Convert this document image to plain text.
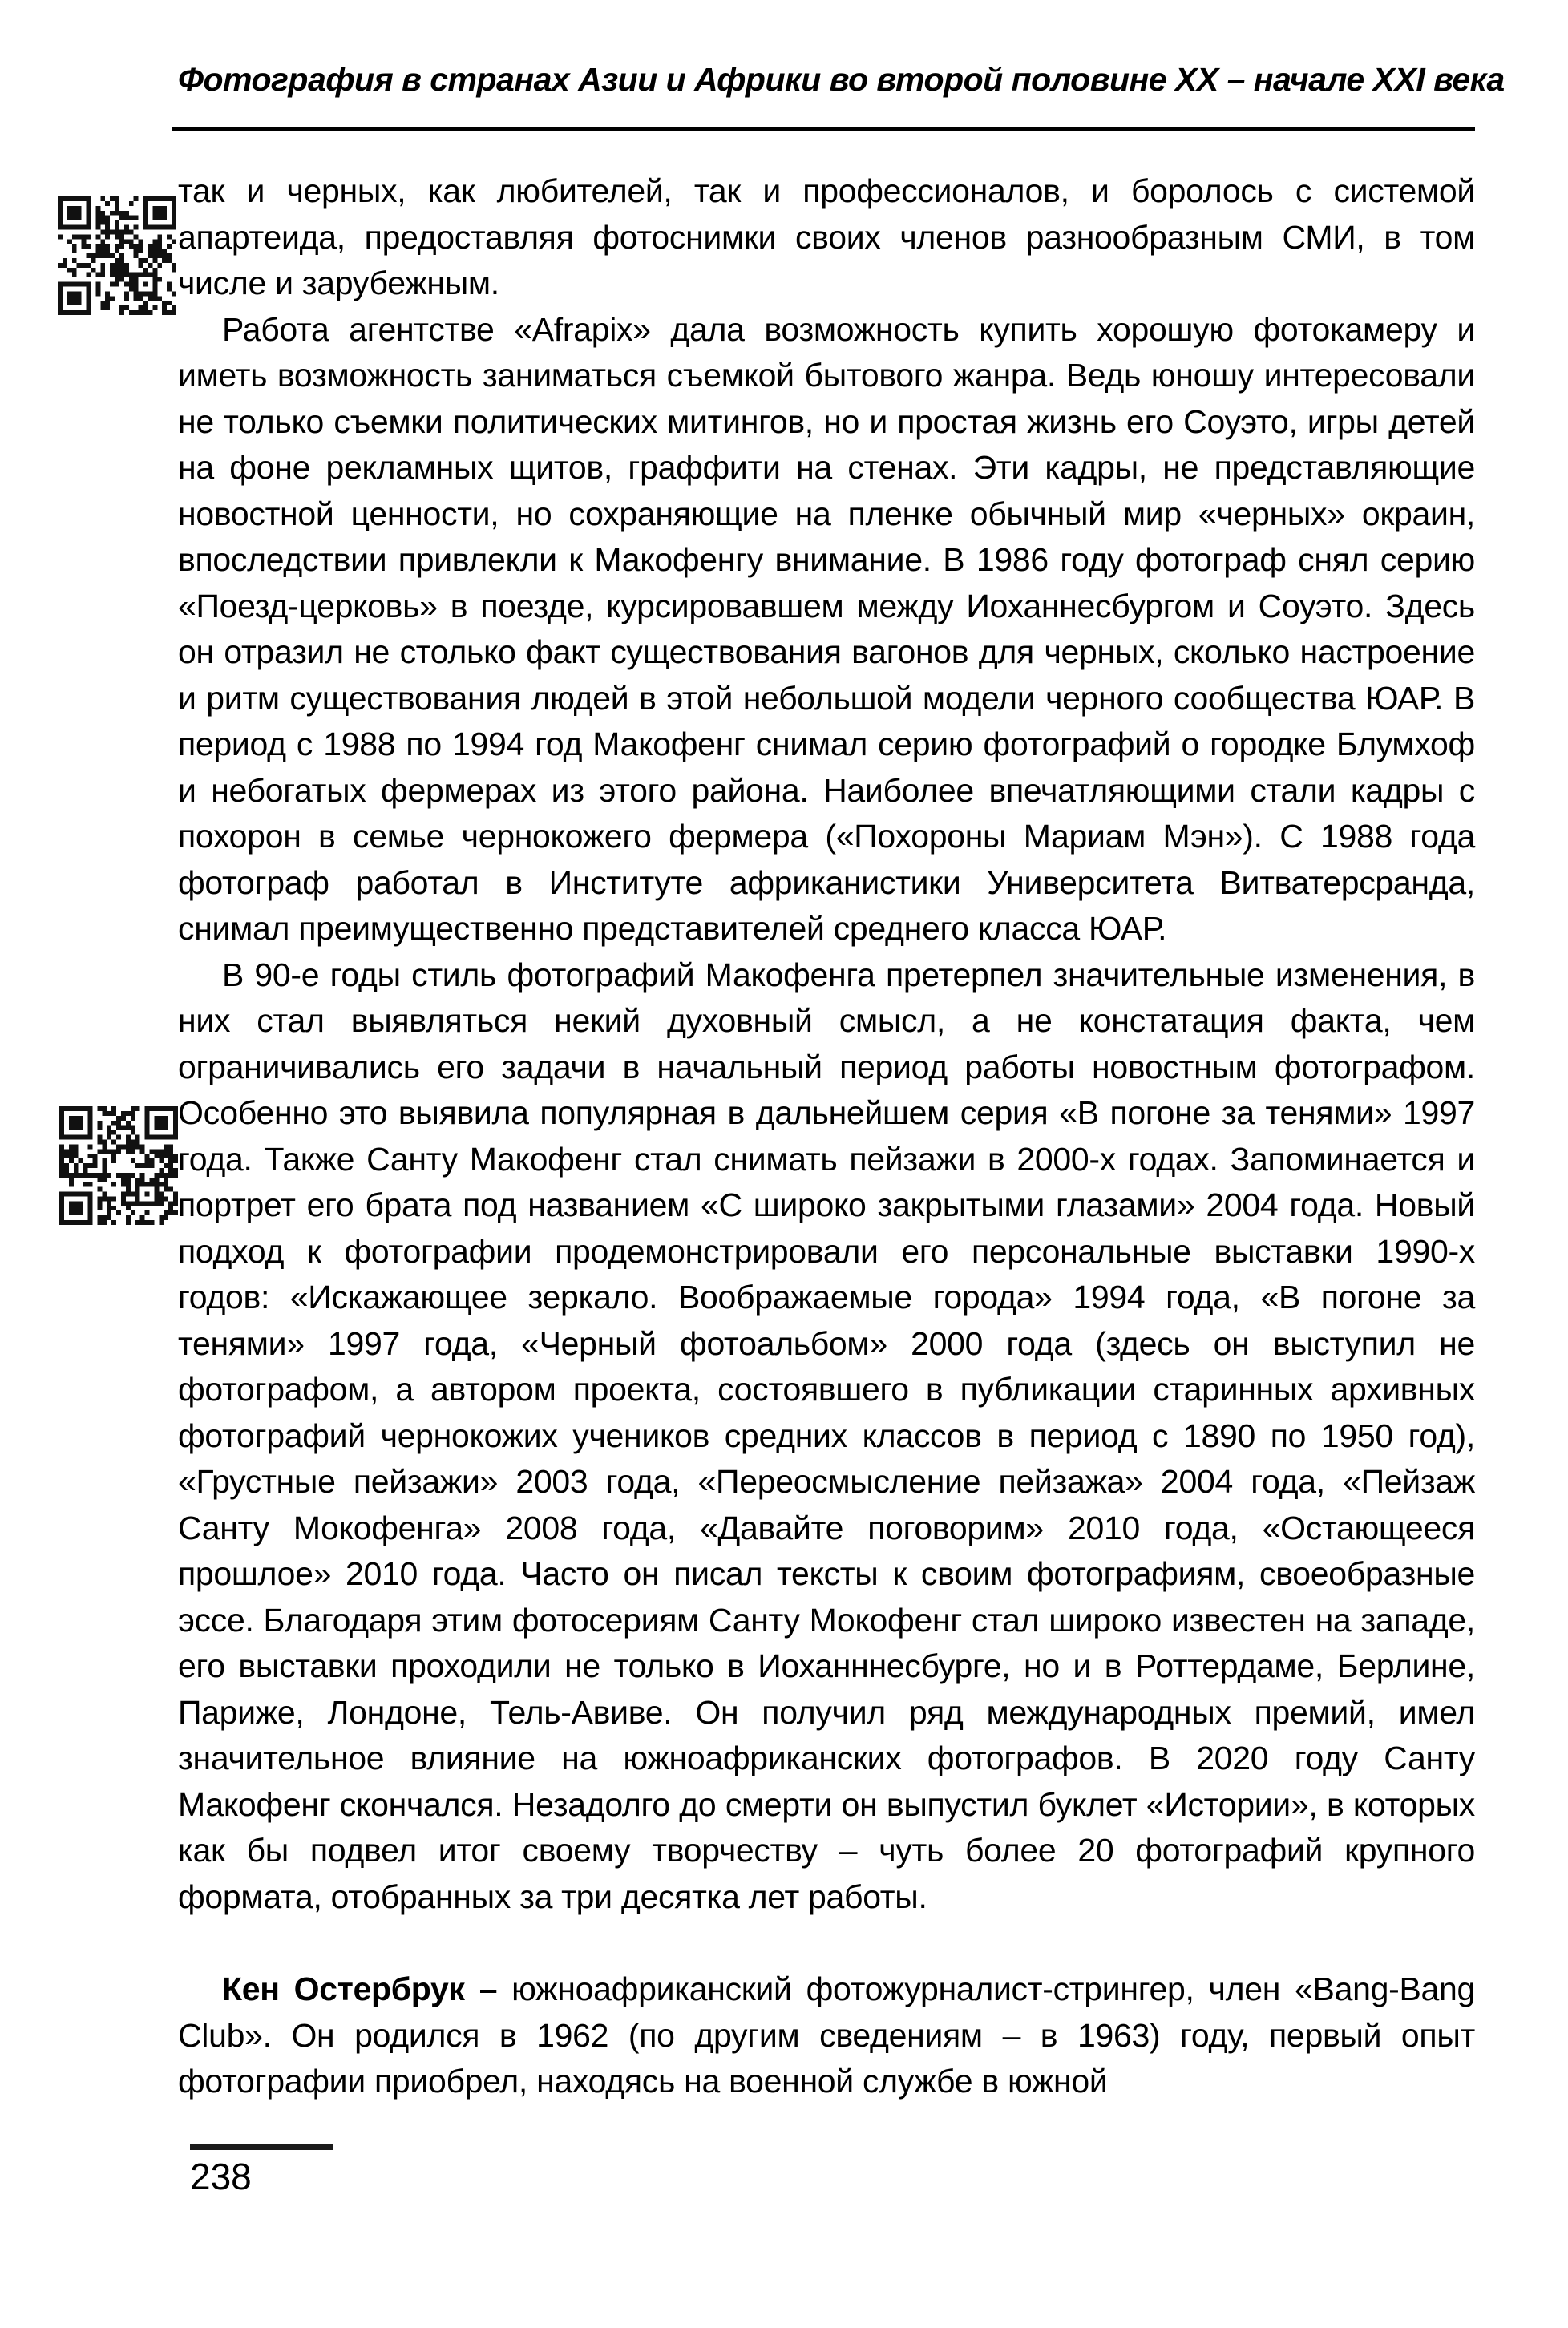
Фотография в странах Азии и Африки во второй половине XX – начале XXI века

так и черных, как любителей, так и профессионалов, и боролось с системой апартеида, предоставляя фотоснимки своих членов разнообразным СМИ, в том числе и зарубежным.

Работа агентстве «Afrapix» дала возможность купить хорошую фотокамеру и иметь возможность заниматься съемкой бытового жанра. Ведь юношу интересовали не только съемки политических митингов, но и простая жизнь его Соуэто, игры детей на фоне рекламных щитов, граффити на стенах. Эти кадры, не представляющие новостной ценности, но сохраняющие на пленке обычный мир «черных» окраин, впоследствии привлекли к Макофенгу внимание. В 1986 году фотограф снял серию «Поезд-церковь» в поезде, курсировавшем между Иоханнесбургом и Соуэто. Здесь он отразил не столько факт существования вагонов для черных, сколько настроение и ритм существования людей в этой небольшой модели черного сообщества ЮАР. В период с 1988 по 1994 год Макофенг снимал серию фотографий о городке Блумхоф и небогатых фермерах из этого района. Наиболее впечатляющими стали кадры с похорон в семье чернокожего фермера («Похороны Мариам Мэн»). С 1988 года фотограф работал в Институте африканистики Университета Витватерсранда, снимал преимущественно представителей среднего класса ЮАР.

В 90-е годы стиль фотографий Макофенга претерпел значительные изменения, в них стал выявляться некий духовный смысл, а не констатация факта, чем ограничивались его задачи в начальный период работы новостным фотографом. Особенно это выявила популярная в дальнейшем серия «В погоне за тенями» 1997 года. Также Санту Макофенг стал снимать пейзажи в 2000-х годах. Запоминается и портрет его брата под названием «С широко закрытыми глазами» 2004 года. Новый подход к фотографии продемонстрировали его персональные выставки 1990-х годов: «Искажающее зеркало. Воображаемые города» 1994 года, «В погоне за тенями» 1997 года, «Черный фотоальбом» 2000 года (здесь он выступил не фотографом, а автором проекта, состоявшего в публикации старинных архивных фотографий чернокожих учеников средних классов в период с 1890 по 1950 год), «Грустные пейзажи» 2003 года, «Переосмысление пейзажа» 2004 года, «Пейзаж Санту Мокофенга» 2008 года, «Давайте поговорим» 2010 года, «Остающееся прошлое» 2010 года. Часто он писал тексты к своим фотографиям, своеобразные эссе. Благодаря этим фотосериям Санту Мокофенг стал широко известен на западе, его выставки проходили не только в Иоханннесбурге, но и в Роттердаме, Берлине, Париже, Лондоне, Тель-Авиве. Он получил ряд международных премий, имел значительное влияние на южноафриканских фотографов. В 2020 году Санту Макофенг скончался. Незадолго до смерти он выпустил буклет «Истории», в которых как бы подвел итог своему творчеству – чуть более 20 фотографий крупного формата, отобранных за три десятка лет работы.

Кен Остербрук – южноафриканский фотожурналист-стрингер, член «Bang-Bang Club». Он родился в 1962 (по другим сведениям – в 1963) году, первый опыт фотографии приобрел, находясь на военной службе в южной

238
